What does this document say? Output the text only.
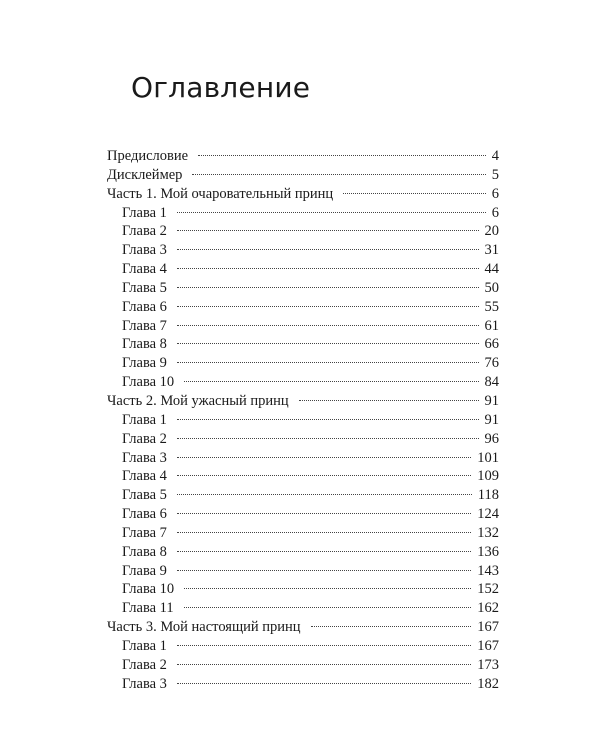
Оглавление
Предисловие	4
Дисклеймер	5
Часть 1. Мой очаровательный принц	6
Глава 1	6
Глава 2	20
Глава 3	31
Глава 4	44
Глава 5	50
Глава 6	55
Глава 7	61
Глава 8	66
Глава 9	76
Глава 10	84
Часть 2. Мой ужасный принц	91
Глава 1	91
Глава 2	96
Глава 3	101
Глава 4	109
Глава 5	118
Глава 6	124
Глава 7	132
Глава 8	136
Глава 9	143
Глава 10	152
Глава 11	162
Часть 3. Мой настоящий принц	167
Глава 1	167
Глава 2	173
Глава 3	182
